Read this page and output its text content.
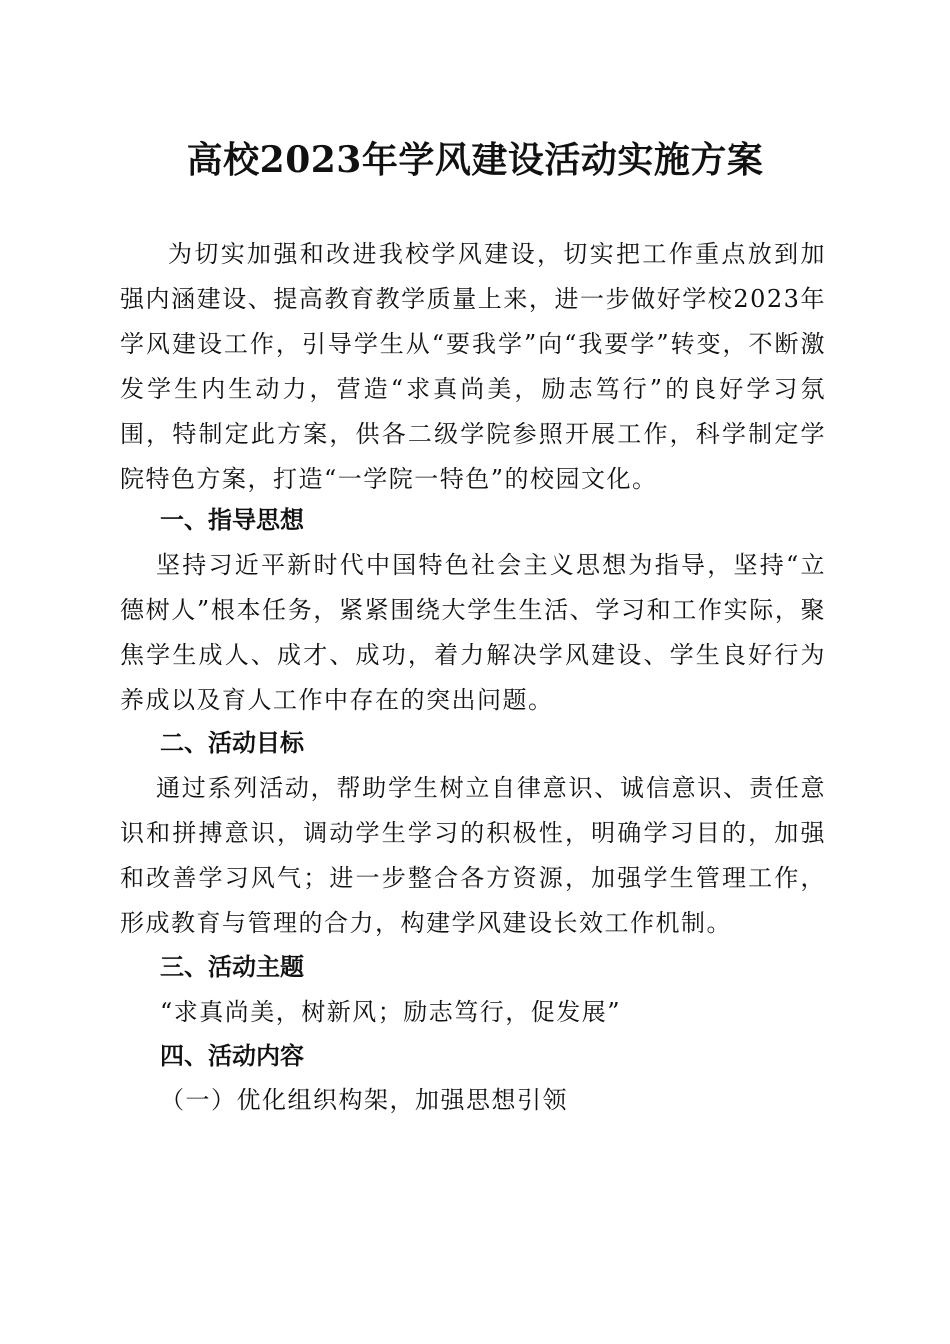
高校2023年学风建设活动实施方案
为切实加强和改进我校学风建设，切实把工作重点放到加强内涵建设、提高教育教学质量上来，进一步做好学校2023年学风建设工作，引导学生从“要我学”向“我要学”转变，不断激发学生内生动力，营造“求真尚美，励志笃行”的良好学习氛围，特制定此方案，供各二级学院参照开展工作，科学制定学院特色方案，打造“一学院一特色”的校园文化。
一、指导思想
坚持习近平新时代中国特色社会主义思想为指导，坚持“立德树人”根本任务，紧紧围绕大学生生活、学习和工作实际，聚焦学生成人、成才、成功，着力解决学风建设、学生良好行为养成以及育人工作中存在的突出问题。
二、活动目标
通过系列活动，帮助学生树立自律意识、诚信意识、责任意识和拼搏意识，调动学生学习的积极性，明确学习目的，加强和改善学习风气；进一步整合各方资源，加强学生管理工作，形成教育与管理的合力，构建学风建设长效工作机制。
三、活动主题
“求真尚美，树新风；励志笃行，促发展”
四、活动内容
（一）优化组织构架，加强思想引领
